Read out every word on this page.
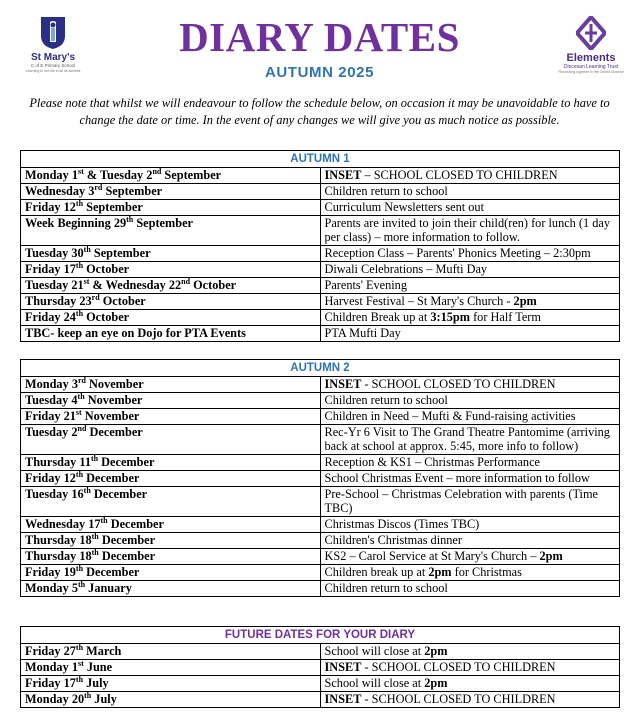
St Mary's
C of E Primary School
Learning to live life in all its fullness
DIARY DATES
AUTUMN 2025
Elements
Diocesan Learning Trust
Flourishing together in the Oxford Diocese
Please note that whilst we will endeavour to follow the schedule below, on occasion it may be unavoidable to have to change the date or time. In the event of any changes we will give you as much notice as possible.
AUTUMN 1	
Monday 1st & Tuesday 2nd September	INSET – SCHOOL CLOSED TO CHILDREN
Wednesday 3rd September	Children return to school
Friday 12th September	Curriculum Newsletters sent out
Week Beginning 29th September	Parents are invited to join their child(ren) for lunch (1 day per class) – more information to follow.
Tuesday 30th September	Reception Class – Parents' Phonics Meeting – 2:30pm
Friday 17th October	Diwali Celebrations – Mufti Day
Tuesday 21st & Wednesday 22nd October	Parents' Evening
Thursday 23rd October	Harvest Festival – St Mary's Church - 2pm
Friday 24th October	Children Break up at 3:15pm for Half Term
TBC- keep an eye on Dojo for PTA Events	PTA Mufti Day
AUTUMN 2	
Monday 3rd November	INSET - SCHOOL CLOSED TO CHILDREN
Tuesday 4th November	Children return to school
Friday 21st November	Children in Need – Mufti & Fund-raising activities
Tuesday 2nd December	Rec-Yr 6 Visit to The Grand Theatre Pantomime (arriving back at school at approx. 5:45, more info to follow)
Thursday 11th December	Reception & KS1 – Christmas Performance
Friday 12th December	School Christmas Event – more information to follow
Tuesday 16th December	Pre-School – Christmas Celebration with parents (Time TBC)
Wednesday 17th December	Christmas Discos (Times TBC)
Thursday 18th December	Children's Christmas dinner
Thursday 18th December	KS2 – Carol Service at St Mary's Church – 2pm
Friday 19th December	Children break up at 2pm for Christmas
Monday 5th January	Children return to school
FUTURE DATES FOR YOUR DIARY	
Friday 27th March	School will close at 2pm
Monday 1st June	INSET - SCHOOL CLOSED TO CHILDREN
Friday 17th July	School will close at 2pm
Monday 20th July	INSET - SCHOOL CLOSED TO CHILDREN
